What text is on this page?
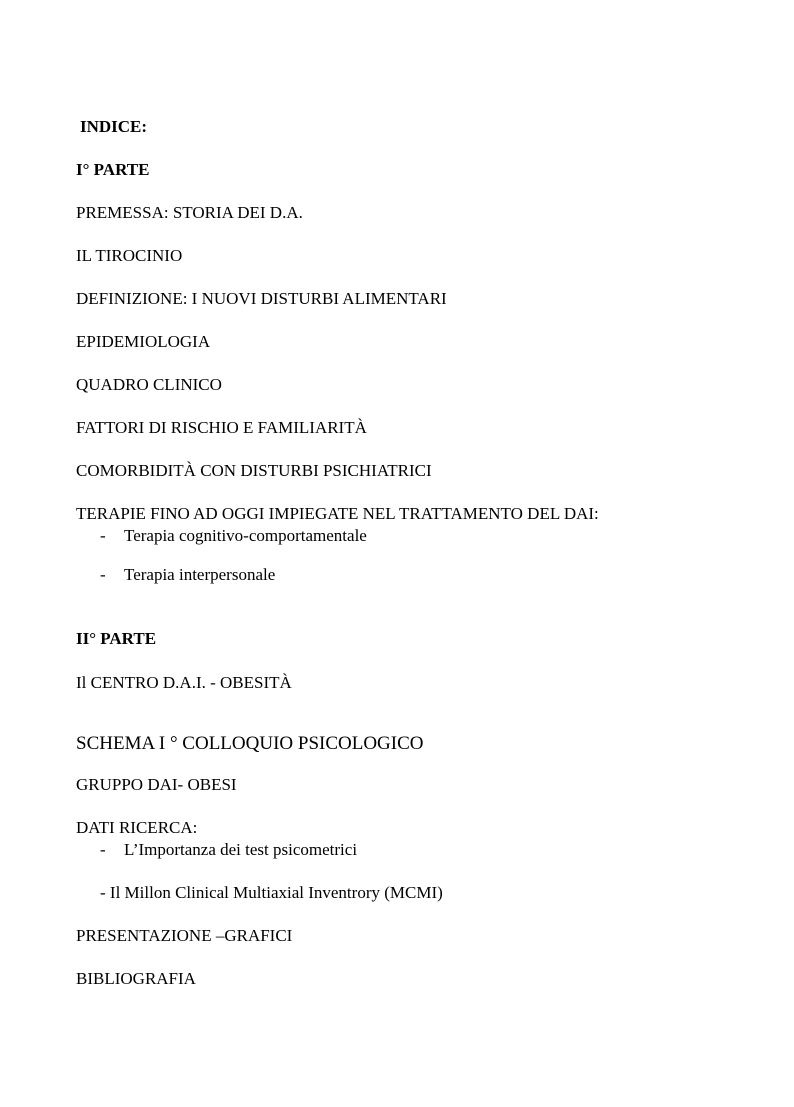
INDICE:
I° PARTE
PREMESSA: STORIA DEI D.A.
IL TIROCINIO
DEFINIZIONE: I NUOVI DISTURBI ALIMENTARI
EPIDEMIOLOGIA
QUADRO CLINICO
FATTORI DI RISCHIO E FAMILIARITÀ
COMORBIDITÀ CON DISTURBI PSICHIATRICI
TERAPIE FINO AD OGGI IMPIEGATE NEL TRATTAMENTO DEL DAI:
- Terapia cognitivo-comportamentale
- Terapia interpersonale
II° PARTE
Il CENTRO D.A.I. - OBESITÀ
SCHEMA I ° COLLOQUIO PSICOLOGICO
GRUPPO DAI- OBESI
DATI RICERCA:
- L’Importanza dei test psicometrici
- Il Millon Clinical Multiaxial Inventrory (MCMI)
PRESENTAZIONE –GRAFICI
BIBLIOGRAFIA
